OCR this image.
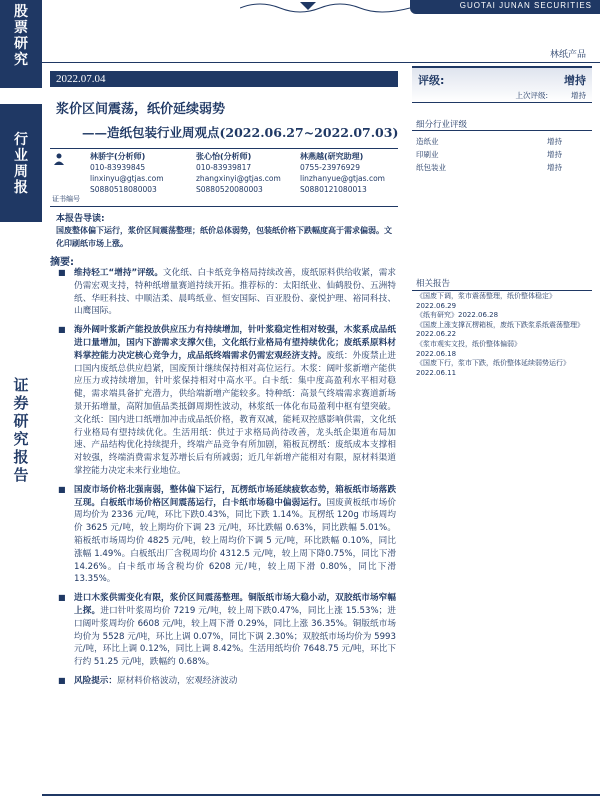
股
票
研
究
行
业
周
报
证
券
研
究
报
告
GUOTAI JUNAN SECURITIES
林纸产品
2022.07.04
浆价区间震荡，纸价延续弱势
——造纸包装行业周观点(2022.06.27~2022.07.03)
林骄宇(分析师)
010-83939845
linxinyu@gtjas.com
S0880518080003
张心怡(分析师)
010-83939817
zhangxinyi@gtjas.com
S0880520080003
林燕越(研究助理)
0755-23976929
linzhanyue@gtjas.com
S0880121080013
证书编号
本报告导读:
国废整体偏下运行，浆价区间震荡整理；纸价总体弱势，包装纸价格下跌幅度高于需求偏弱。文化印刷纸市场上涨。
摘要:
■ 维持轻工“增持”评级。文化纸、白卡纸竞争格局持续改善，废纸原料供给收紧，需求仍需宏观支持，特种纸增量赛道持续开拓。推荐标的：太阳纸业、仙鹤股份、五洲特纸、华旺科技、中顺洁柔、晨鸣纸业、恒安国际、百亚股份、豪悦护理、裕同科技、山鹰国际。
■ 海外阔叶浆新产能投放供应压力有持续增加，针叶浆稳定性相对较强，木浆系成品纸进口量增加，国内下游需求支撑欠佳，文化纸行业格局有望持续优化；废纸系原料材料掌控能力决定核心竞争力，成品纸终端需求仍需宏观经济支持。废纸：外废禁止进口国内废纸总供应趋紧，国废预计继续保持相对高位运行。木浆：阔叶浆新增产能供应压力或持续增加，针叶浆保持相对中高水平。白卡纸：集中度高盈利水平相对稳健，需求端具备扩充潜力，供给端新增产能较多。特种纸：高景气终端需求赛道新场景开拓增量，高附加值品类抵御周期性波动，林浆纸一体化布局盈利中枢有望突破。文化纸：国内进口纸增加冲击成品纸价格，教育双减，能耗双控感影响供需，文化纸行业格局有望持续优化。生活用纸：供过于求格局尚待改善，龙头纸企渠道布局加速、产品结构优化持续提升，终端产品竞争有所加剧，箱板瓦楞纸：废纸成本支撑相对较强，终端消费需求复苏增长后有所减弱；近几年新增产能相对有限，原材料渠道掌控能力决定未来行业地位。
■ 国废市场价格北强南弱，整体偏下运行，瓦楞纸市场延续疲软态势，箱板纸市场落跌互现。白板纸市场价格区间震荡运行，白卡纸市场稳中偏弱运行。国废黄板纸市场价周均价为 2336 元/吨，环比下跌0.43%，同比下跌 1.14%。瓦楞纸 120g 市场周均价 3625 元/吨，较上期均价下调 23 元/吨，环比跌幅 0.63%，同比跌幅 5.01%。箱板纸市场周均价 4825 元/吨，较上周均价下调 5 元/吨，环比跌幅 0.10%，同比涨幅 1.49%。白板纸出厂含税周均价 4312.5 元/吨，较上周下降0.75%，同比下滑 14.26%。白卡纸市场含税均价 6208 元/吨，较上周下滑 0.80%，同比下滑 13.35%。
■ 进口木浆供需变化有限，浆价区间震荡整理。铜版纸市场大稳小动，双胶纸市场窄幅上探。进口针叶浆周均价 7219 元/吨，较上周下跌0.47%，同比上涨 15.53%；进口阔叶浆周均价 6608 元/吨，较上周下滑 0.29%，同比上涨 36.35%。铜版纸市场均价为 5528 元/吨，环比上调 0.07%，同比下调 2.30%；双胶纸市场均价为 5993 元/吨，环比上调 0.12%，同比上调 8.42%。生活用纸均价 7648.75 元/吨，环比下行约 51.25 元/吨，跌幅约 0.68%。
■ 风险提示：原材料价格波动，宏观经济波动
评级:	增持
上次评级:	增持
细分行业评级
造纸业	增持
印刷业	增持
纸包装业	增持
相关报告
《国废下调，浆市震荡整理，纸价整体稳定》
2022.06.29
《纸有研究》2022.06.28
《国废上涨支撑瓦楞箱板，废纸下跌浆系纸震荡整理》2022.06.22
《浆市观实文投，纸价整体偏弱》
2022.06.18
《国废下行，浆市下跌，纸价整体延续弱势运行》2022.06.11
